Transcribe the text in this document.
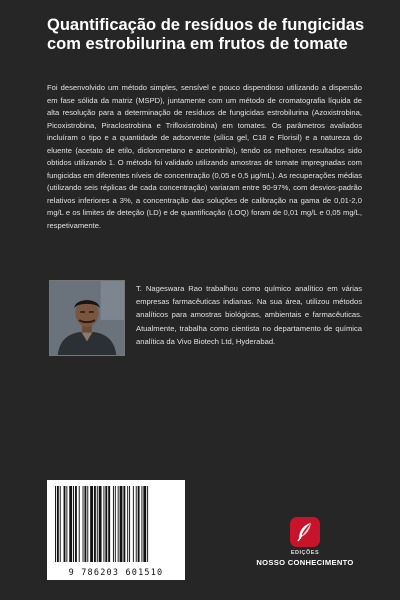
Quantificação de resíduos de fungicidas com estrobilurina em frutos de tomate

Foi desenvolvido um método simples, sensível e pouco dispendioso utilizando a dispersão em fase sólida da matriz (MSPD), juntamente com um método de cromatografia líquida de alta resolução para a determinação de resíduos de fungicidas estrobilurina (Azoxistrobina, Picoxistrobina, Piraclostrobina e Trifloxistrobina) em tomates. Os parâmetros avaliados incluíram o tipo e a quantidade de adsorvente (sílica gel, C18 e Florisil) e a natureza do eluente (acetato de etilo, diclorometano e acetonitrilo), tendo os melhores resultados sido obtidos utilizando 1. O método foi validado utilizando amostras de tomate impregnadas com fungicidas em diferentes níveis de concentração (0,05 e 0,5 µg/mL). As recuperações médias (utilizando seis réplicas de cada concentração) variaram entre 90-97%, com desvios-padrão relativos inferiores a 3%, a concentração das soluções de calibração na gama de 0,01-2,0 mg/L e os limites de deteção (LD) e de quantificação (LOQ) foram de 0,01 mg/L e 0,05 mg/L, respetivamente.

T. Nageswara Rao trabalhou como químico analítico em várias empresas farmacêuticas indianas. Na sua área, utilizou métodos analíticos para amostras biológicas, ambientais e farmacêuticas. Atualmente, trabalha como cientista no departamento de química analítica da Vivo Biotech Ltd, Hyderabad.

9 786203 601510
EDIÇÕES
NOSSO CONHECIMENTO
